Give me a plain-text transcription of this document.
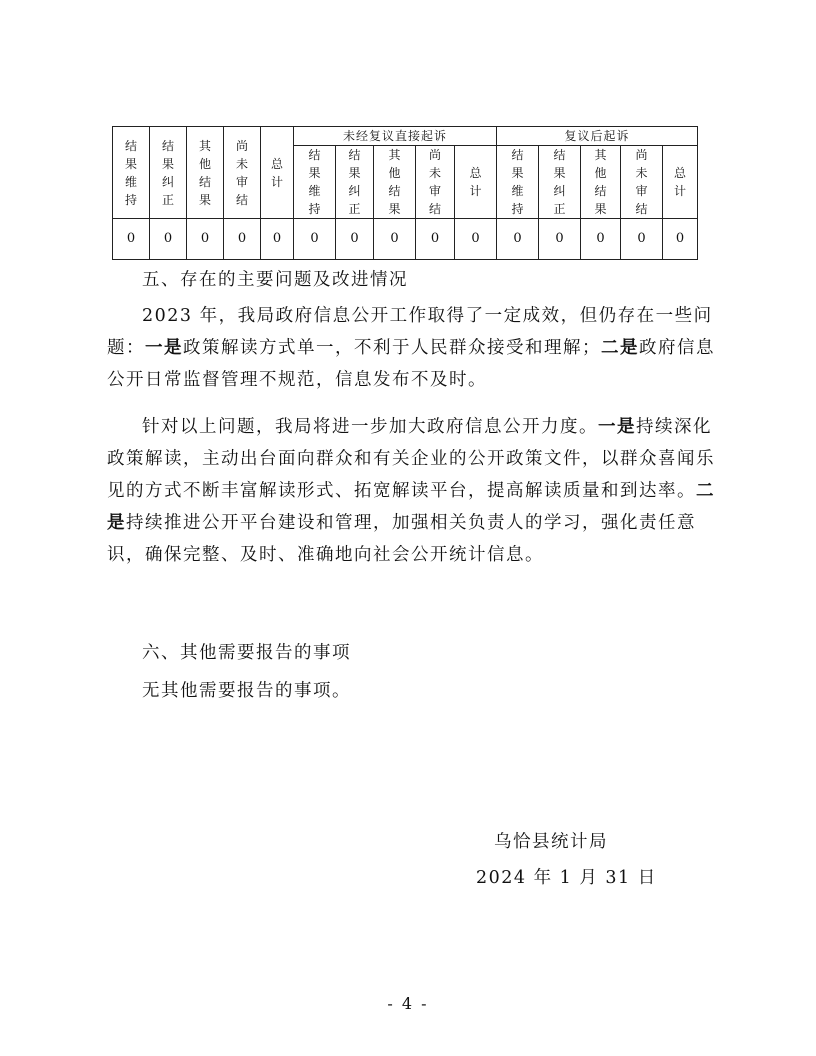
结果维持	结果纠正	其他结果	尚未审结	总计	未经复议直接起诉					复议后起诉				
					结果维持	结果纠正	其他结果	尚未审结	总计	结果维持	结果纠正	其他结果	尚未审结	总计
0	0	0	0	0	0	0	0	0	0	0	0	0	0	0
五、存在的主要问题及改进情况
2023 年，我局政府信息公开工作取得了一定成效，但仍存在一些问题：一是政策解读方式单一，不利于人民群众接受和理解；二是政府信息公开日常监督管理不规范，信息发布不及时。
针对以上问题，我局将进一步加大政府信息公开力度。一是持续深化政策解读，主动出台面向群众和有关企业的公开政策文件，以群众喜闻乐见的方式不断丰富解读形式、拓宽解读平台，提高解读质量和到达率。二是持续推进公开平台建设和管理，加强相关负责人的学习，强化责任意识，确保完整、及时、准确地向社会公开统计信息。
六、其他需要报告的事项
无其他需要报告的事项。
乌恰县统计局
2024 年 1 月 31 日
- 4 -
